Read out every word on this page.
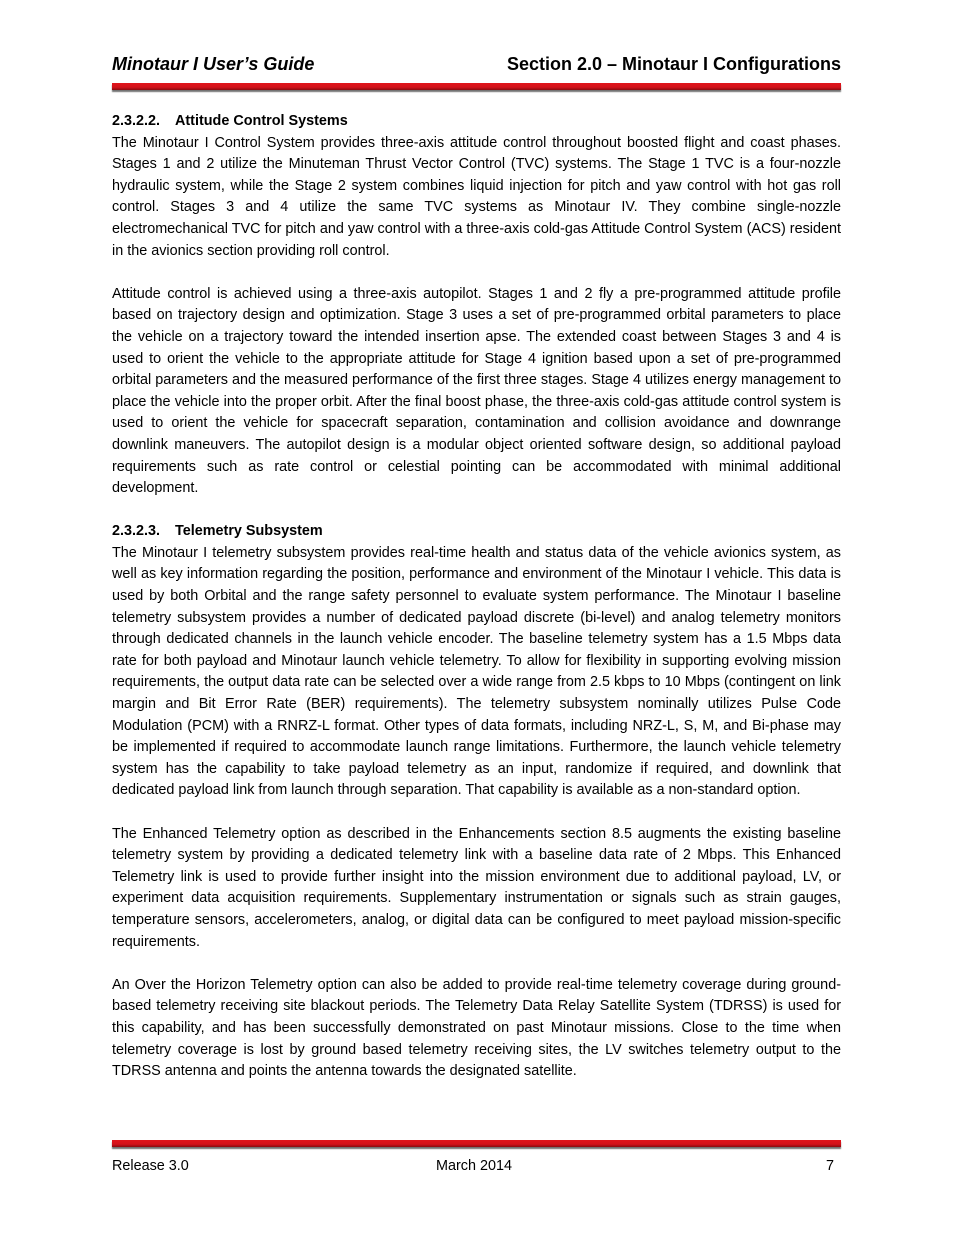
Minotaur I User’s Guide	Section 2.0 – Minotaur I Configurations
2.3.2.2. Attitude Control Systems

The Minotaur I Control System provides three-axis attitude control throughout boosted flight and coast phases. Stages 1 and 2 utilize the Minuteman Thrust Vector Control (TVC) systems. The Stage 1 TVC is a four-nozzle hydraulic system, while the Stage 2 system combines liquid injection for pitch and yaw control with hot gas roll control. Stages 3 and 4 utilize the same TVC systems as Minotaur IV. They combine single-nozzle electromechanical TVC for pitch and yaw control with a three-axis cold-gas Attitude Control System (ACS) resident in the avionics section providing roll control.

Attitude control is achieved using a three-axis autopilot. Stages 1 and 2 fly a pre-programmed attitude profile based on trajectory design and optimization. Stage 3 uses a set of pre-programmed orbital parameters to place the vehicle on a trajectory toward the intended insertion apse. The extended coast between Stages 3 and 4 is used to orient the vehicle to the appropriate attitude for Stage 4 ignition based upon a set of pre-programmed orbital parameters and the measured performance of the first three stages. Stage 4 utilizes energy management to place the vehicle into the proper orbit. After the final boost phase, the three-axis cold-gas attitude control system is used to orient the vehicle for spacecraft separation, contamination and collision avoidance and downrange downlink maneuvers. The autopilot design is a modular object oriented software design, so additional payload requirements such as rate control or celestial pointing can be accommodated with minimal additional development.

2.3.2.3. Telemetry Subsystem

The Minotaur I telemetry subsystem provides real-time health and status data of the vehicle avionics system, as well as key information regarding the position, performance and environment of the Minotaur I vehicle. This data is used by both Orbital and the range safety personnel to evaluate system performance. The Minotaur I baseline telemetry subsystem provides a number of dedicated payload discrete (bi-level) and analog telemetry monitors through dedicated channels in the launch vehicle encoder. The baseline telemetry system has a 1.5 Mbps data rate for both payload and Minotaur launch vehicle telemetry. To allow for flexibility in supporting evolving mission requirements, the output data rate can be selected over a wide range from 2.5 kbps to 10 Mbps (contingent on link margin and Bit Error Rate (BER) requirements). The telemetry subsystem nominally utilizes Pulse Code Modulation (PCM) with a RNRZ-L format. Other types of data formats, including NRZ-L, S, M, and Bi-phase may be implemented if required to accommodate launch range limitations. Furthermore, the launch vehicle telemetry system has the capability to take payload telemetry as an input, randomize if required, and downlink that dedicated payload link from launch through separation. That capability is available as a non-standard option.

The Enhanced Telemetry option as described in the Enhancements section 8.5 augments the existing baseline telemetry system by providing a dedicated telemetry link with a baseline data rate of 2 Mbps. This Enhanced Telemetry link is used to provide further insight into the mission environment due to additional payload, LV, or experiment data acquisition requirements. Supplementary instrumentation or signals such as strain gauges, temperature sensors, accelerometers, analog, or digital data can be configured to meet payload mission-specific requirements.

An Over the Horizon Telemetry option can also be added to provide real-time telemetry coverage during ground-based telemetry receiving site blackout periods. The Telemetry Data Relay Satellite System (TDRSS) is used for this capability, and has been successfully demonstrated on past Minotaur missions. Close to the time when telemetry coverage is lost by ground based telemetry receiving sites, the LV switches telemetry output to the TDRSS antenna and points the antenna towards the designated satellite.

Release 3.0	March 2014	7
